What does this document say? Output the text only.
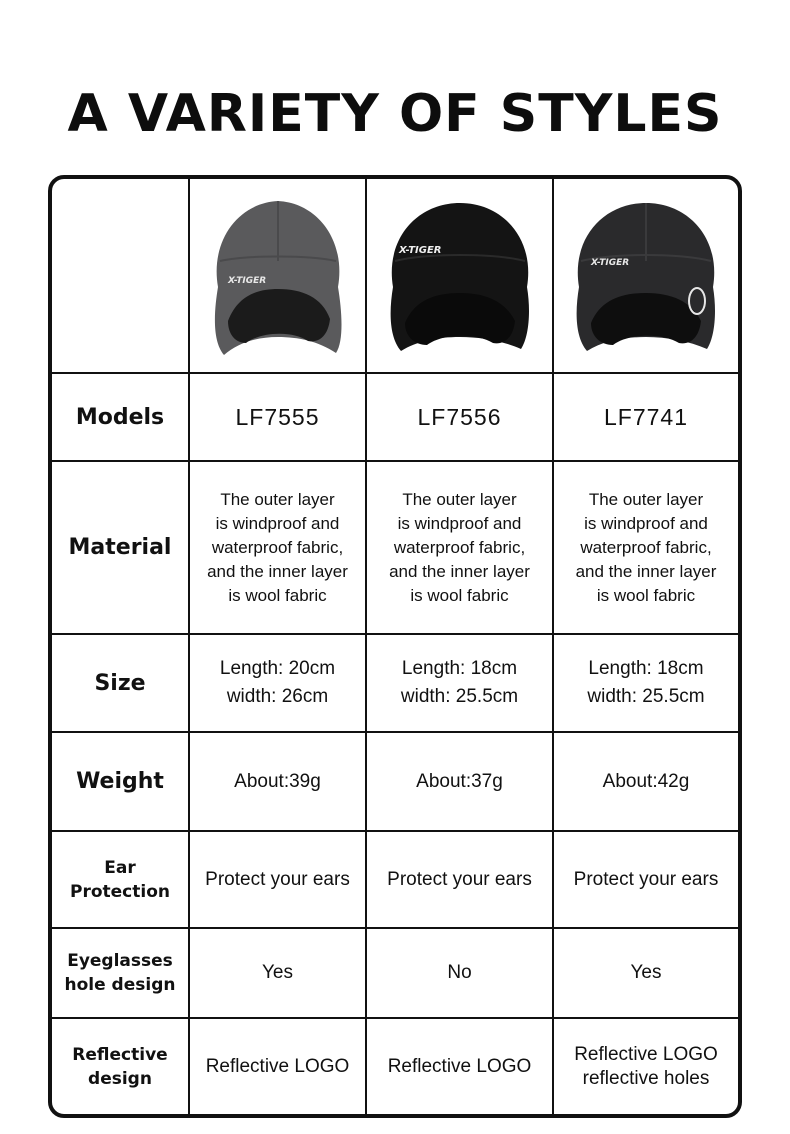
A VARIETY OF STYLES

X-TIGER	X-TIGER	X-TIGER

Models	LF7555	LF7556	LF7741
Material	The outer layer
is windproof and
waterproof fabric,
and the inner layer
is wool fabric	The outer layer
is windproof and
waterproof fabric,
and the inner layer
is wool fabric	The outer layer
is windproof and
waterproof fabric,
and the inner layer
is wool fabric
Size	Length: 20cm
width: 26cm	Length: 18cm
width: 25.5cm	Length: 18cm
width: 25.5cm
Weight	About:39g	About:37g	About:42g
Ear
Protection	Protect your ears	Protect your ears	Protect your ears
Eyeglasses
hole design	Yes	No	Yes
Reflective
design	Reflective LOGO	Reflective LOGO	Reflective LOGO
reflective holes
